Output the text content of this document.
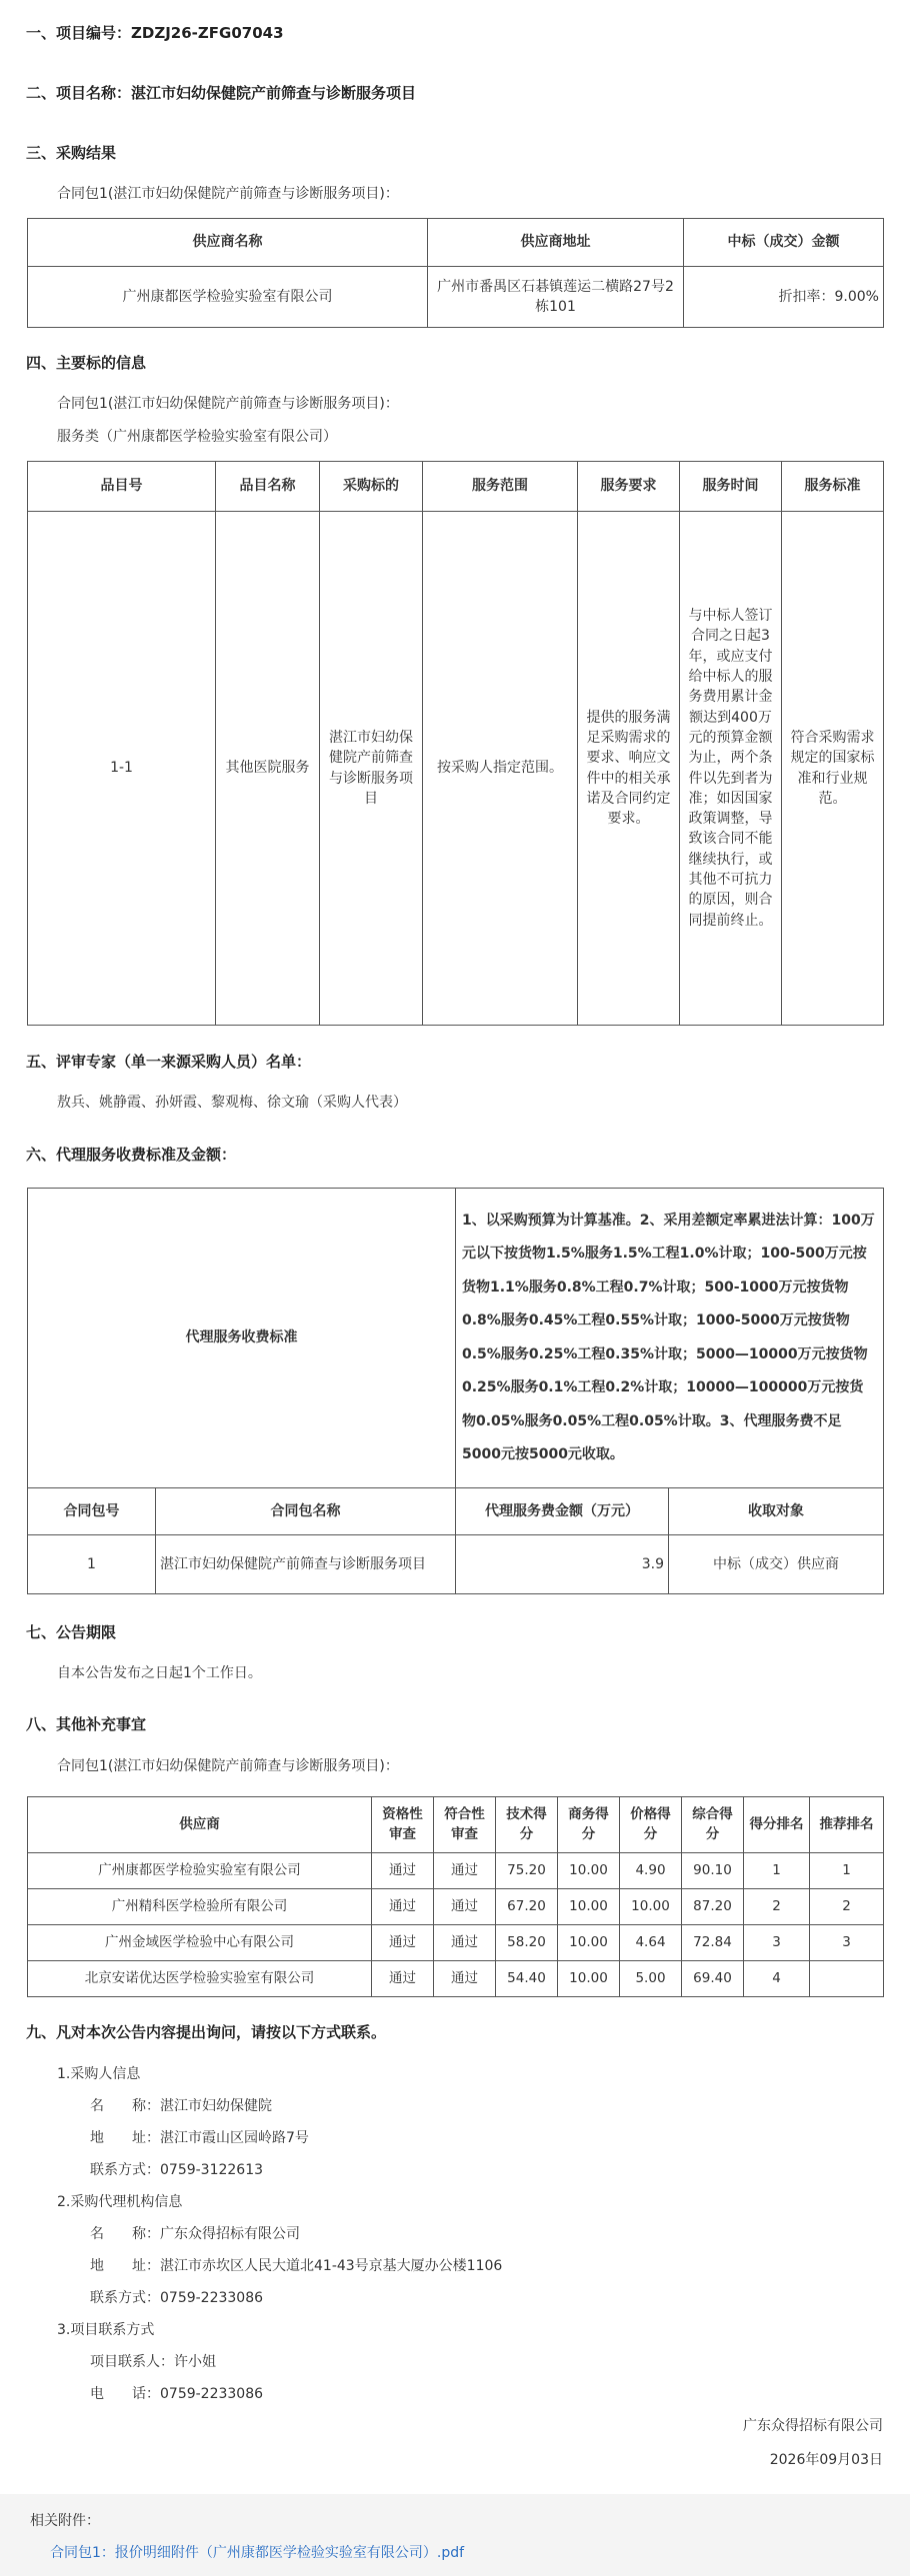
一、项目编号：ZDZJ26-ZFG07043
二、项目名称：湛江市妇幼保健院产前筛查与诊断服务项目
三、采购结果
合同包1(湛江市妇幼保健院产前筛查与诊断服务项目)：
供应商名称	供应商地址	中标（成交）金额
广州康都医学检验实验室有限公司	广州市番禺区石碁镇莲运二横路27号2栋101	折扣率：9.00%
四、主要标的信息
合同包1(湛江市妇幼保健院产前筛查与诊断服务项目)：
服务类（广州康都医学检验实验室有限公司）
品目号	品目名称	采购标的	服务范围	服务要求	服务时间	服务标准
1-1	其他医院服务	湛江市妇幼保健院产前筛查与诊断服务项目	按采购人指定范围。	提供的服务满足采购需求的要求、响应文件中的相关承诺及合同约定要求。	与中标人签订合同之日起3年，或应支付给中标人的服务费用累计金额达到400万元的预算金额为止，两个条件以先到者为准；如因国家政策调整，导致该合同不能继续执行，或其他不可抗力的原因，则合同提前终止。	符合采购需求规定的国家标准和行业规范。
五、评审专家（单一来源采购人员）名单：
敖兵、姚静霞、孙妍霞、黎观梅、徐文瑜（采购人代表）
六、代理服务收费标准及金额：
代理服务收费标准		1、以采购预算为计算基准。2、采用差额定率累进法计算：100万元以下按货物1.5%服务1.5%工程1.0%计取；100-500万元按货物1.1%服务0.8%工程0.7%计取；500-1000万元按货物0.8%服务0.45%工程0.55%计取；1000-5000万元按货物0.5%服务0.25%工程0.35%计取；5000—10000万元按货物0.25%服务0.1%工程0.2%计取；10000—100000万元按货物0.05%服务0.05%工程0.05%计取。3、代理服务费不足5000元按5000元收取。	
合同包号	合同包名称	代理服务费金额（万元）	收取对象
1	湛江市妇幼保健院产前筛查与诊断服务项目	3.9	中标（成交）供应商
七、公告期限
自本公告发布之日起1个工作日。
八、其他补充事宜
合同包1(湛江市妇幼保健院产前筛查与诊断服务项目)：
供应商	资格性审查	符合性审查	技术得分	商务得分	价格得分	综合得分	得分排名	推荐排名
广州康都医学检验实验室有限公司	通过	通过	75.20	10.00	4.90	90.10	1	1
广州精科医学检验所有限公司	通过	通过	67.20	10.00	10.00	87.20	2	2
广州金域医学检验中心有限公司	通过	通过	58.20	10.00	4.64	72.84	3	3
北京安诺优达医学检验实验室有限公司	通过	通过	54.40	10.00	5.00	69.40	4	
九、凡对本次公告内容提出询问，请按以下方式联系。
1.采购人信息
名　　称：湛江市妇幼保健院
地　　址：湛江市霞山区园岭路7号
联系方式：0759-3122613
2.采购代理机构信息
名　　称：广东众得招标有限公司
地　　址：湛江市赤坎区人民大道北41-43号京基大厦办公楼1106
联系方式：0759-2233086
3.项目联系方式
项目联系人：许小姐
电　　话：0759-2233086
广东众得招标有限公司
2026年09月03日
相关附件：
合同包1：报价明细附件（广州康都医学检验实验室有限公司）.pdf
